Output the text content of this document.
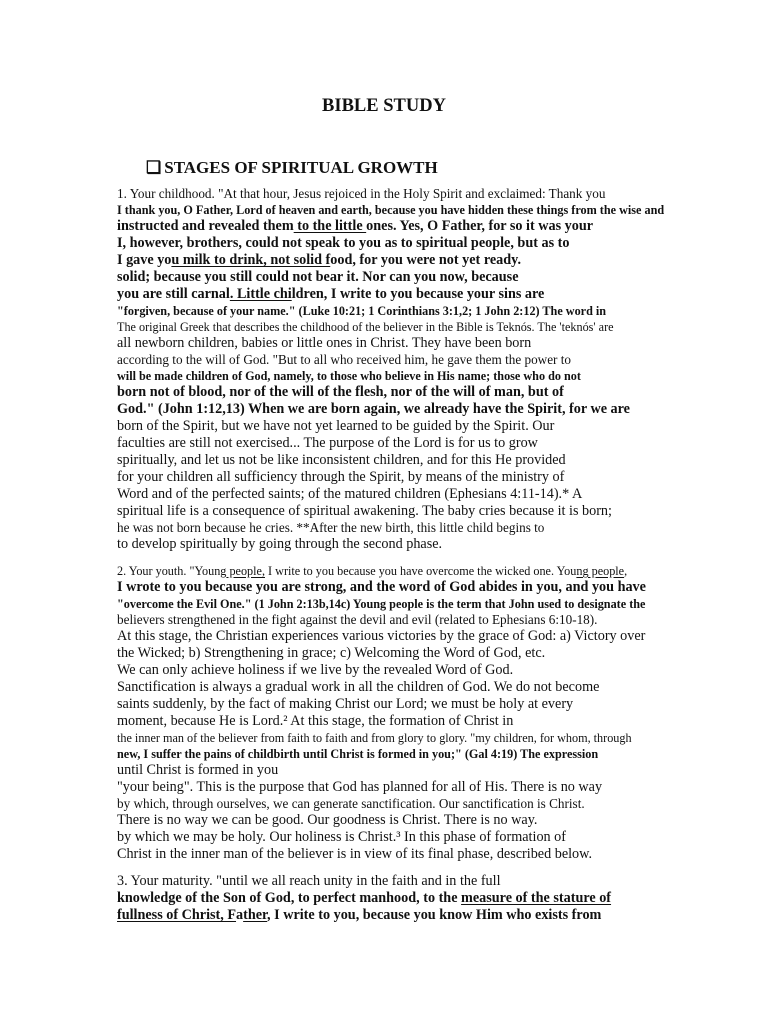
BIBLE STUDY
❑ STAGES OF SPIRITUAL GROWTH
1. Your childhood. "At that hour, Jesus rejoiced in the Holy Spirit and exclaimed: Thank you
I thank you, O Father, Lord of heaven and earth, because you have hidden these things from the wise and
instructed and revealed them to the little ones. Yes, O Father, for so it was your
I, however, brothers, could not speak to you as to spiritual people, but as to
I gave you milk to drink, not solid food, for you were not yet ready.
solid; because you still could not bear it. Nor can you now, because
you are still carnal. Little children, I write to you because your sins are
"forgiven, because of your name." (Luke 10:21; 1 Corinthians 3:1,2; 1 John 2:12) The word in
The original Greek that describes the childhood of the believer in the Bible is Teknós. The 'teknós' are
all newborn children, babies or little ones in Christ. They have been born
according to the will of God. "But to all who received him, he gave them the power to
will be made children of God, namely, to those who believe in His name; those who do not
born not of blood, nor of the will of the flesh, nor of the will of man, but of
God." (John 1:12,13) When we are born again, we already have the Spirit, for we are
born of the Spirit, but we have not yet learned to be guided by the Spirit. Our
faculties are still not exercised... The purpose of the Lord is for us to grow
spiritually, and let us not be like inconsistent children, and for this He provided
for your children all sufficiency through the Spirit, by means of the ministry of
Word and of the perfected saints; of the matured children (Ephesians 4:11-14).* A
spiritual life is a consequence of spiritual awakening. The baby cries because it is born;
he was not born because he cries. **After the new birth, this little child begins to
to develop spiritually by going through the second phase.
2. Your youth. "Young people, I write to you because you have overcome the wicked one. Young people,
I wrote to you because you are strong, and the word of God abides in you, and you have
"overcome the Evil One." (1 John 2:13b,14c) Young people is the term that John used to designate the
believers strengthened in the fight against the devil and evil (related to Ephesians 6:10-18).
At this stage, the Christian experiences various victories by the grace of God: a) Victory over
the Wicked; b) Strengthening in grace; c) Welcoming the Word of God, etc.
We can only achieve holiness if we live by the revealed Word of God.
Sanctification is always a gradual work in all the children of God. We do not become
saints suddenly, by the fact of making Christ our Lord; we must be holy at every
moment, because He is Lord.² At this stage, the formation of Christ in
the inner man of the believer from faith to faith and from glory to glory. "my children, for whom, through
new, I suffer the pains of childbirth until Christ is formed in you;" (Gal 4:19) The expression
until Christ is formed in you
"your being". This is the purpose that God has planned for all of His. There is no way
by which, through ourselves, we can generate sanctification. Our sanctification is Christ.
There is no way we can be good. Our goodness is Christ. There is no way.
by which we may be holy. Our holiness is Christ.³ In this phase of formation of
Christ in the inner man of the believer is in view of its final phase, described below.
3. Your maturity. "until we all reach unity in the faith and in the full
knowledge of the Son of God, to perfect manhood, to the measure of the stature of
fullness of Christ, Father, I write to you, because you know Him who exists from
